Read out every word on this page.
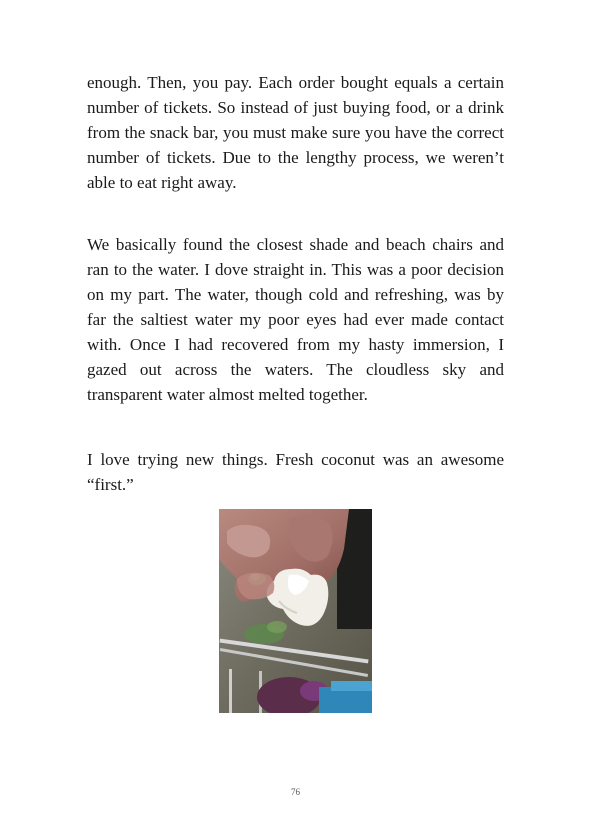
enough. Then, you pay. Each order bought equals a certain number of tickets. So instead of just buying food, or a drink from the snack bar, you must make sure you have the correct number of tickets. Due to the lengthy process, we weren’t able to eat right away.

We basically found the closest shade and beach chairs and ran to the water. I dove straight in. This was a poor decision on my part. The water, though cold and refreshing, was by far the saltiest water my poor eyes had ever made contact with. Once I had recovered from my hasty immersion, I gazed out across the waters. The cloudless sky and transparent water almost melted together.

I love trying new things. Fresh coconut was an awesome “first.”

76
